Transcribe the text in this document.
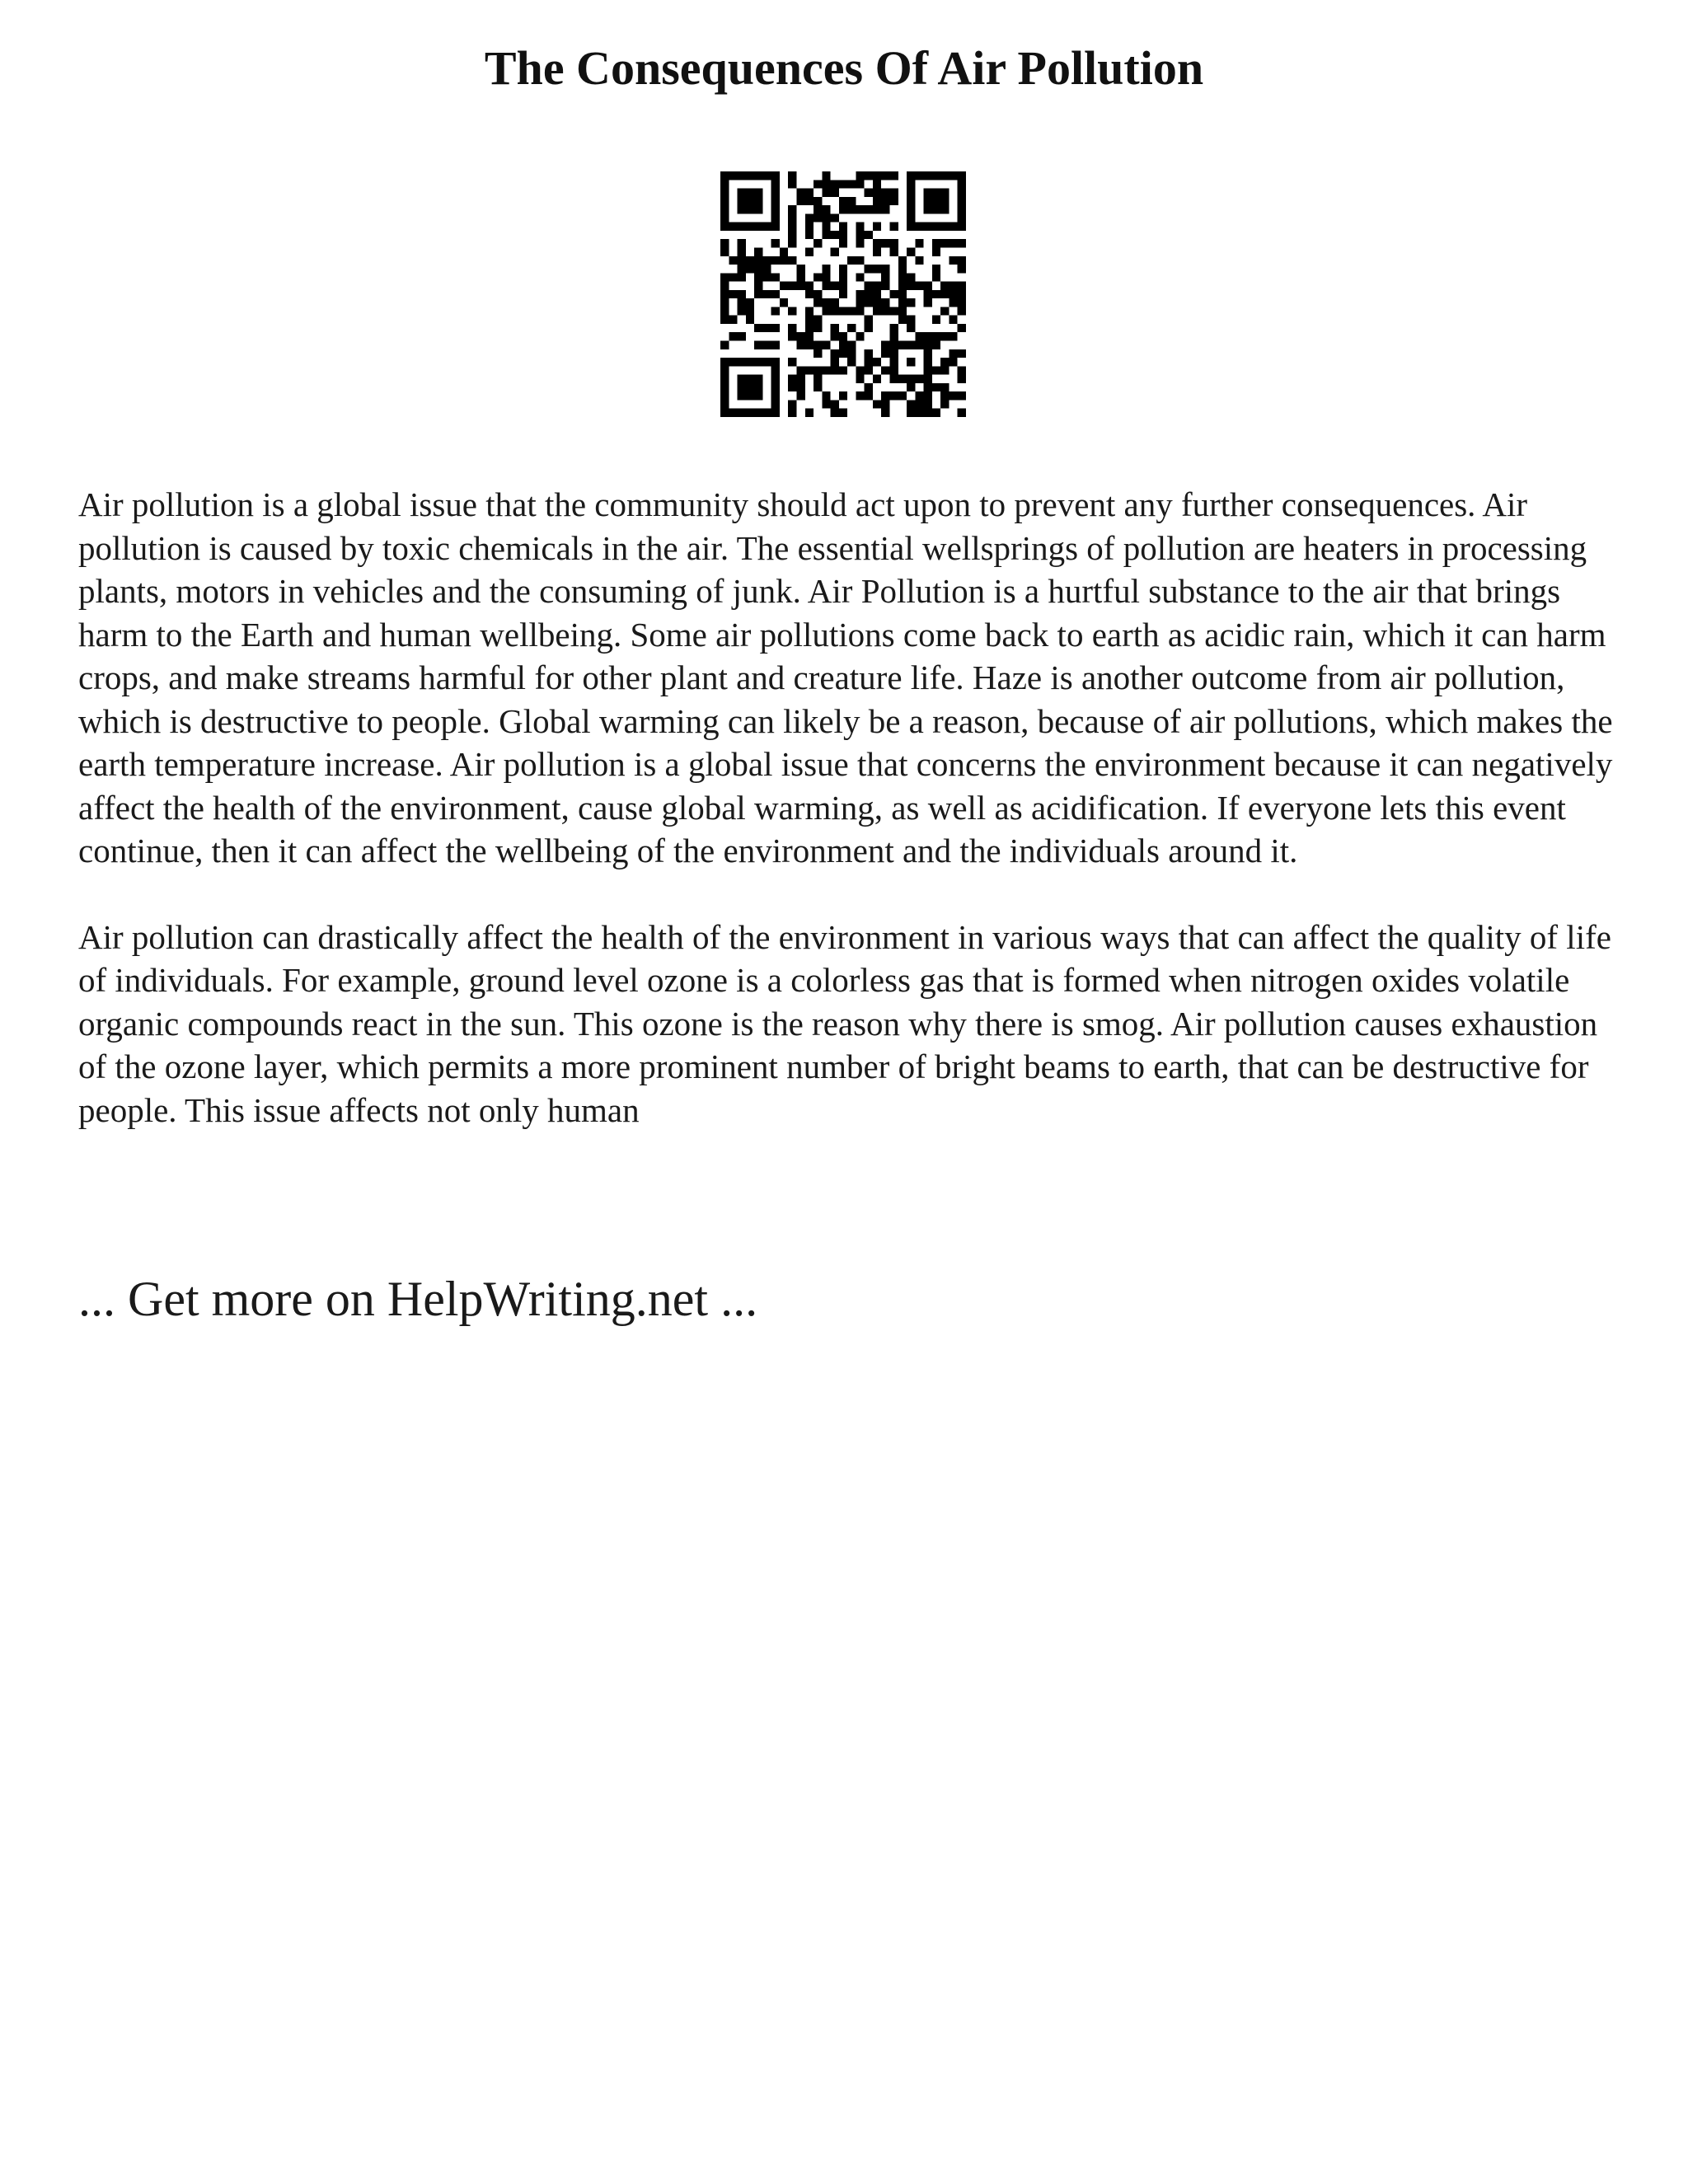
The Consequences Of Air Pollution

Air pollution is a global issue that the community should act upon to prevent any further consequences. Air pollution is caused by toxic chemicals in the air. The essential wellsprings of pollution are heaters in processing plants, motors in vehicles and the consuming of junk. Air Pollution is a hurtful substance to the air that brings harm to the Earth and human wellbeing. Some air pollutions come back to earth as acidic rain, which it can harm crops, and make streams harmful for other plant and creature life. Haze is another outcome from air pollution, which is destructive to people. Global warming can likely be a reason, because of air pollutions, which makes the earth temperature increase. Air pollution is a global issue that concerns the environment because it can negatively affect the health of the environment, cause global warming, as well as acidification. If everyone lets this event continue, then it can affect the wellbeing of the environment and the individuals around it.

Air pollution can drastically affect the health of the environment in various ways that can affect the quality of life of individuals. For example, ground level ozone is a colorless gas that is formed when nitrogen oxides volatile organic compounds react in the sun. This ozone is the reason why there is smog. Air pollution causes exhaustion of the ozone layer, which permits a more prominent number of bright beams to earth, that can be destructive for people. This issue affects not only human

... Get more on HelpWriting.net ...
